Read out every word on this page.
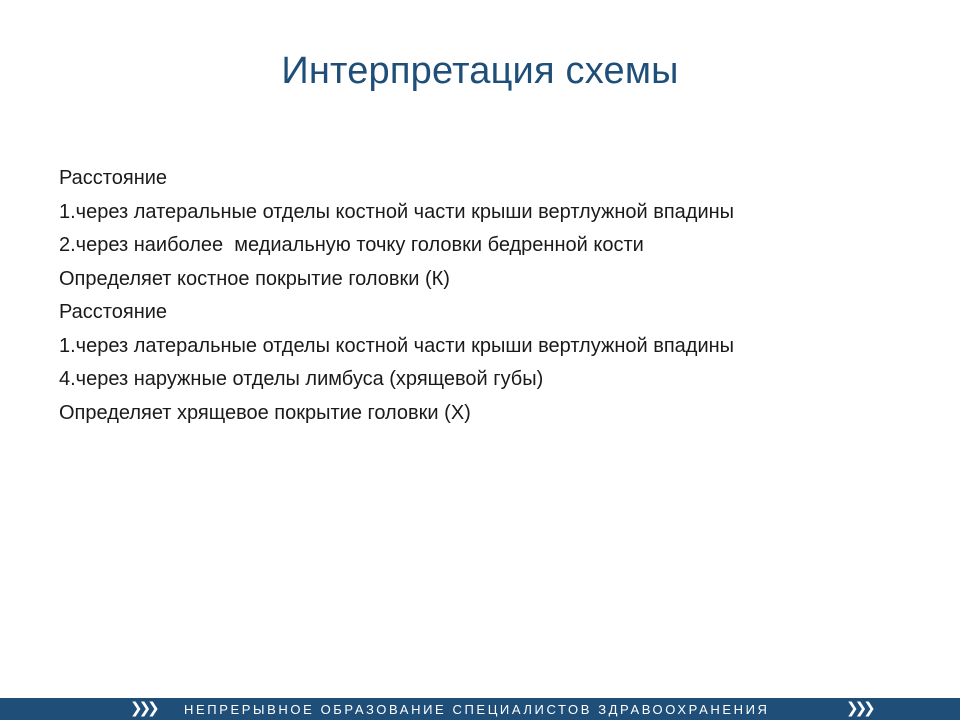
Интерпретация схемы
Расстояние
1.через латеральные отделы костной части крыши вертлужной впадины
2.через наиболее  медиальную точку головки бедренной кости
Определяет костное покрытие головки (К)
Расстояние
1.через латеральные отделы костной части крыши вертлужной впадины
4.через наружные отделы лимбуса (хрящевой губы)
Определяет хрящевое покрытие головки (Х)
❯❯❯ НЕПРЕРЫВНОЕ ОБРАЗОВАНИЕ СПЕЦИАЛИСТОВ ЗДРАВООХРАНЕНИЯ	❯❯❯
